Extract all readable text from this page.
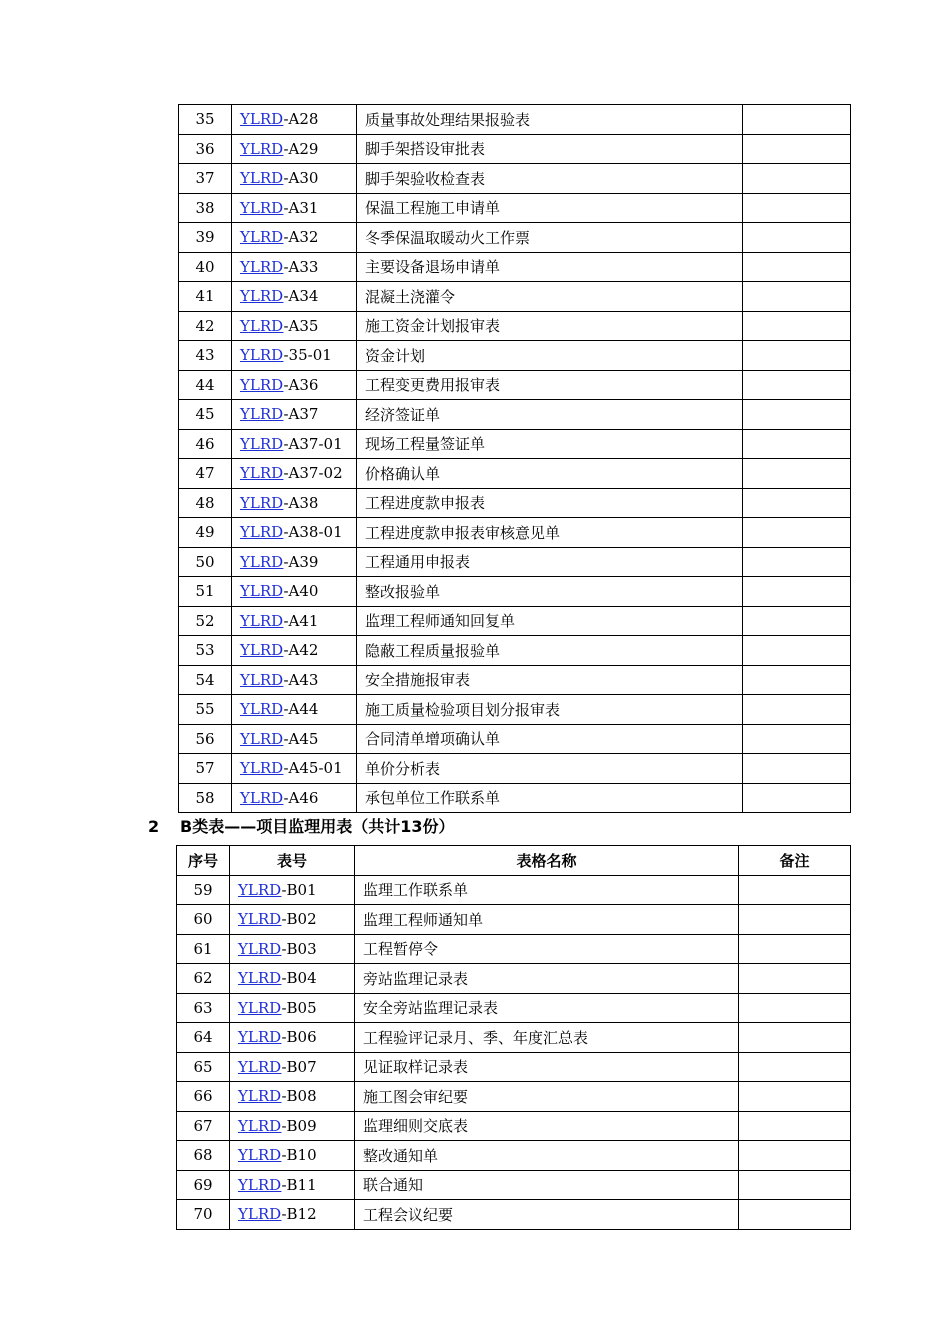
35	YLRD-A28	质量事故处理结果报验表	
36	YLRD-A29	脚手架搭设审批表	
37	YLRD-A30	脚手架验收检查表	
38	YLRD-A31	保温工程施工申请单	
39	YLRD-A32	冬季保温取暖动火工作票	
40	YLRD-A33	主要设备退场申请单	
41	YLRD-A34	混凝土浇灌令	
42	YLRD-A35	施工资金计划报审表	
43	YLRD-35-01	资金计划	
44	YLRD-A36	工程变更费用报审表	
45	YLRD-A37	经济签证单	
46	YLRD-A37-01	现场工程量签证单	
47	YLRD-A37-02	价格确认单	
48	YLRD-A38	工程进度款申报表	
49	YLRD-A38-01	工程进度款申报表审核意见单	
50	YLRD-A39	工程通用申报表	
51	YLRD-A40	整改报验单	
52	YLRD-A41	监理工程师通知回复单	
53	YLRD-A42	隐蔽工程质量报验单	
54	YLRD-A43	安全措施报审表	
55	YLRD-A44	施工质量检验项目划分报审表	
56	YLRD-A45	合同清单增项确认单	
57	YLRD-A45-01	单价分析表	
58	YLRD-A46	承包单位工作联系单	
2 B类表——项目监理用表（共计13份）
序号	表号	表格名称	备注
59	YLRD-B01	监理工作联系单	
60	YLRD-B02	监理工程师通知单	
61	YLRD-B03	工程暂停令	
62	YLRD-B04	旁站监理记录表	
63	YLRD-B05	安全旁站监理记录表	
64	YLRD-B06	工程验评记录月、季、年度汇总表	
65	YLRD-B07	见证取样记录表	
66	YLRD-B08	施工图会审纪要	
67	YLRD-B09	监理细则交底表	
68	YLRD-B10	整改通知单	
69	YLRD-B11	联合通知	
70	YLRD-B12	工程会议纪要	
